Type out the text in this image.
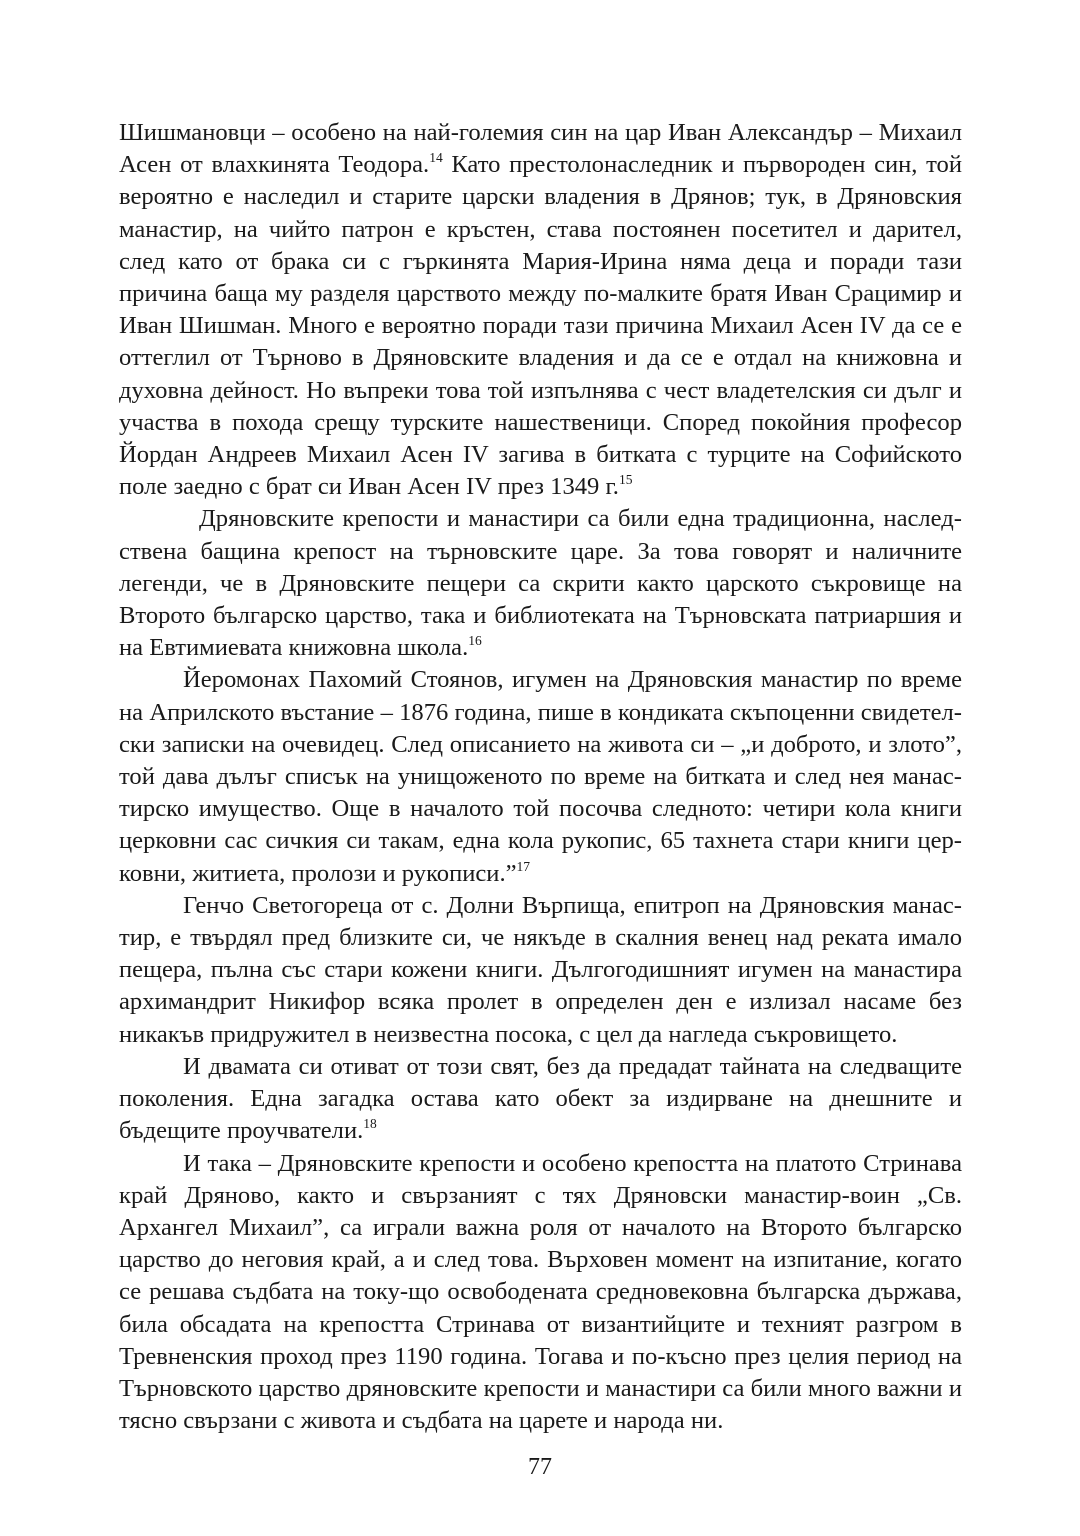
Шишмановци – особено на най-големия син на цар Иван Александър – Михаил Асен от влахкинята Теодора.$^{14}$ Като престолонаследник и първороден син, той вероятно е наследил и старите царски владения в Дрянов; тук, в Дряновския манастир, на чийто патрон е кръстен, става постоянен посетител и дарител, след като от брака си с гъркинята Мария-Ирина няма деца и поради тази причина баща му разделя царството между по-малките братя Иван Срацимир и Иван Шишман. Много е вероятно поради тази причина Михаил Асен IV да се е оттеглил от Търново в Дряновските владения и да се е отдал на книжовна и духовна дейност. Но въпреки това той изпълнява с чест владетелския си дълг и участва в похода срещу турските нашественици. Според покойния професор Йордан Андреев Михаил Асен IV загива в битката с турците на Софийското поле заедно с брат си Иван Асен IV през 1349 г.$^{15}$

Дряновските крепости и манастири са били една традиционна, наследствена бащина крепост на търновските царе. За това говорят и наличните легенди, че в Дряновските пещери са скрити както царското съкровище на Второто българско царство, така и библиотеката на Търновската патриаршия и на Евтимиевата книжовна школа.$^{16}$

Йеромонах Пахомий Стоянов, игумен на Дряновския манастир по време на Априлското въстание – 1876 година, пише в кондиката скъпоценни свидетелски записки на очевидец. След описанието на живота си – „и доброто, и злото”, той дава дълъг списък на унищоженото по време на битката и след нея манастирско имущество. Още в началото той посочва следното: четири кола книги церковни сас сичкия си такам, една кола рукопис, 65 тахнета стари книги церковни, житиета, пролози и рукописи.”$^{17}$

Генчо Светогореца от с. Долни Върпища, епитроп на Дряновския манастир, е твърдял пред близките си, че някъде в скалния венец над реката имало пещера, пълна със стари кожени книги. Дългогодишният игумен на манастира архимандрит Никифор всяка пролет в определен ден е излизал насаме без никакъв придружител в неизвестна посока, с цел да нагледа съкровището.

И двамата си отиват от този свят, без да предадат тайната на следващите поколения. Една загадка остава като обект за издирване на днешните и бъдещите проучватели.$^{18}$

И така – Дряновските крепости и особено крепостта на платото Стринава край Дряново, както и свързаният с тях Дряновски манастир-воин „Св. Архангел Михаил”, са играли важна роля от началото на Второто българско царство до неговия край, а и след това. Върховен момент на изпитание, когато се решава съдбата на току-що освободената средновековна българска държава, била обсадата на крепостта Стринава от византийците и техният разгром в Тревненския проход през 1190 година. Тогава и по-късно през целия период на Търновското царство дряновските крепости и манастири са били много важни и тясно свързани с живота и съдбата на царете и народа ни.

77
